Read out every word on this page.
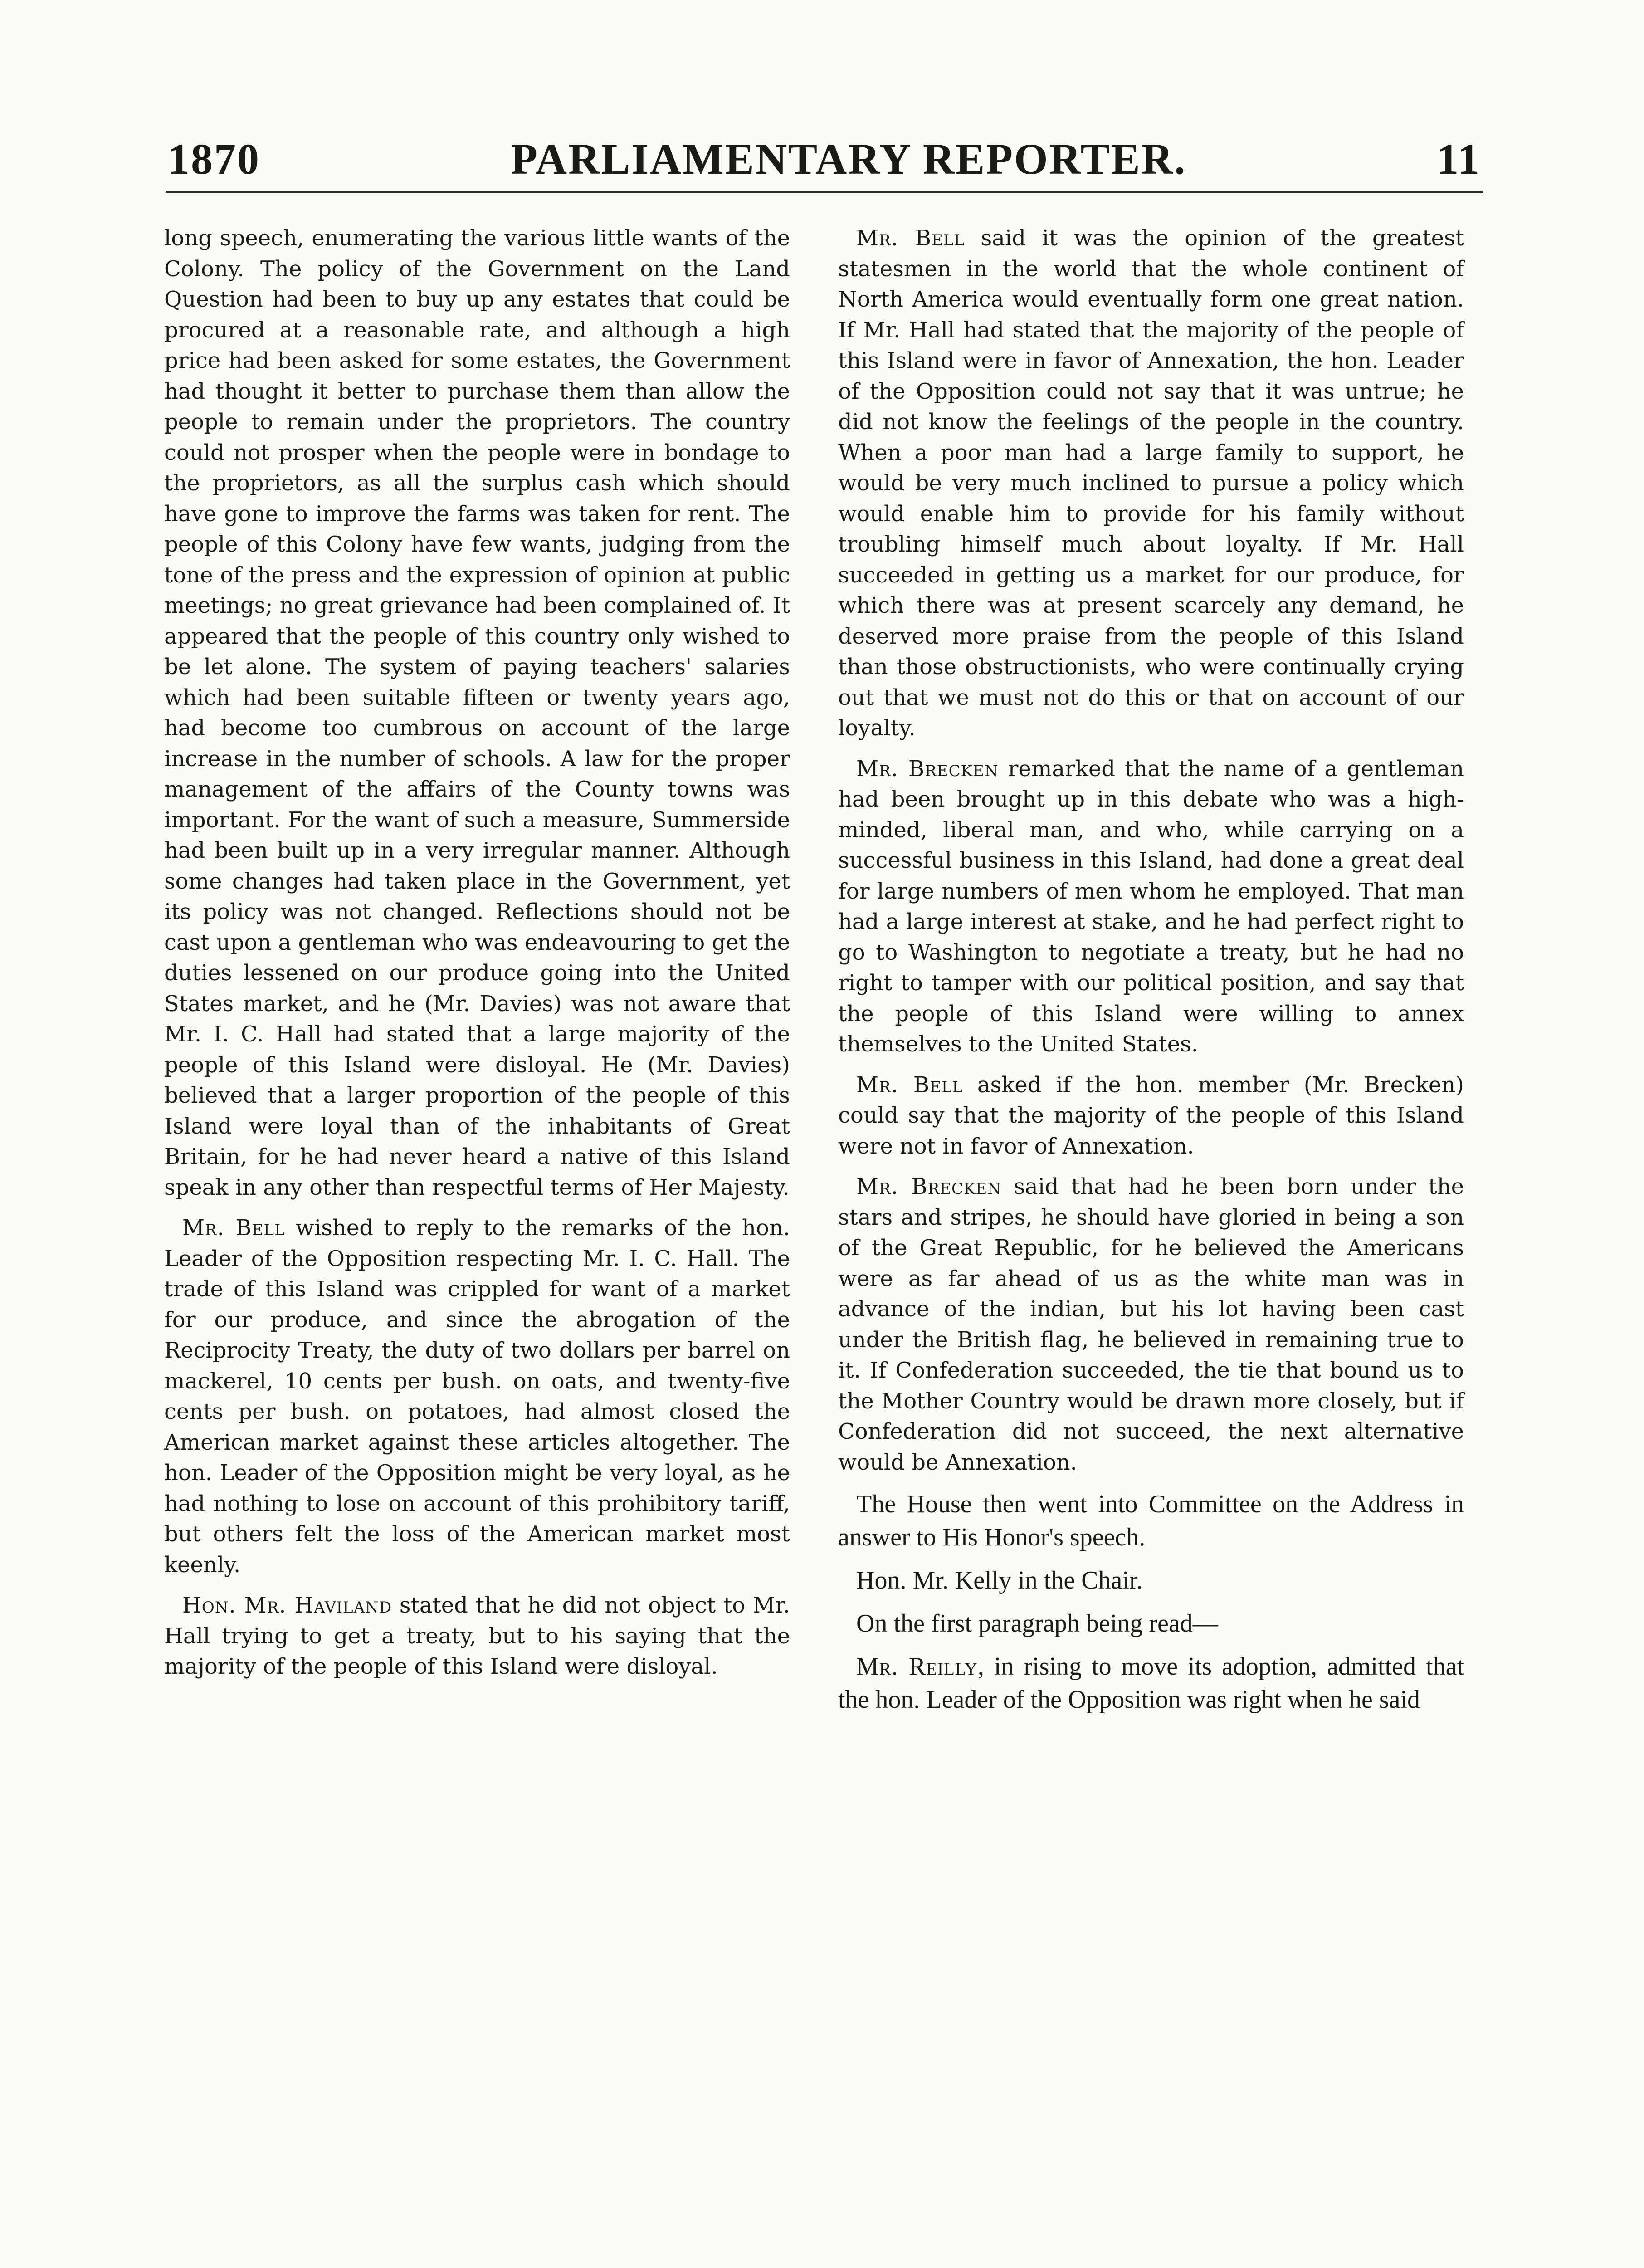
1870	PARLIAMENTARY REPORTER.	11

long speech, enumerating the various little wants of the Colony. The policy of the Government on the Land Question had been to buy up any estates that could be procured at a reasonable rate, and although a high price had been asked for some estates, the Government had thought it better to purchase them than allow the people to remain under the proprietors. The country could not prosper when the people were in bondage to the proprietors, as all the surplus cash which should have gone to improve the farms was taken for rent. The people of this Colony have few wants, judging from the tone of the press and the expression of opinion at public meetings; no great grievance had been complained of. It appeared that the people of this country only wished to be let alone. The system of paying teachers' salaries which had been suitable fifteen or twenty years ago, had become too cumbrous on account of the large increase in the number of schools. A law for the proper management of the affairs of the County towns was important. For the want of such a measure, Summerside had been built up in a very irregular manner. Although some changes had taken place in the Government, yet its policy was not changed. Reflections should not be cast upon a gentleman who was endeavouring to get the duties lessened on our produce going into the United States market, and he (Mr. Davies) was not aware that Mr. I. C. Hall had stated that a large majority of the people of this Island were disloyal. He (Mr. Davies) believed that a larger proportion of the people of this Island were loyal than of the inhabitants of Great Britain, for he had never heard a native of this Island speak in any other than respectful terms of Her Majesty.

Mr. Bell wished to reply to the remarks of the hon. Leader of the Opposition respecting Mr. I. C. Hall. The trade of this Island was crippled for want of a market for our produce, and since the abrogation of the Reciprocity Treaty, the duty of two dollars per barrel on mackerel, 10 cents per bush. on oats, and twenty-five cents per bush. on potatoes, had almost closed the American market against these articles altogether. The hon. Leader of the Opposition might be very loyal, as he had nothing to lose on account of this prohibitory tariff, but others felt the loss of the American market most keenly.

Hon. Mr. Haviland stated that he did not object to Mr. Hall trying to get a treaty, but to his saying that the majority of the people of this Island were disloyal.

Mr. Bell said it was the opinion of the greatest statesmen in the world that the whole continent of North America would eventually form one great nation. If Mr. Hall had stated that the majority of the people of this Island were in favor of Annexation, the hon. Leader of the Opposition could not say that it was untrue; he did not know the feelings of the people in the country. When a poor man had a large family to support, he would be very much inclined to pursue a policy which would enable him to provide for his family without troubling himself much about loyalty. If Mr. Hall succeeded in getting us a market for our produce, for which there was at present scarcely any demand, he deserved more praise from the people of this Island than those obstructionists, who were continually crying out that we must not do this or that on account of our loyalty.

Mr. Brecken remarked that the name of a gentleman had been brought up in this debate who was a high-minded, liberal man, and who, while carrying on a successful business in this Island, had done a great deal for large numbers of men whom he employed. That man had a large interest at stake, and he had perfect right to go to Washington to negotiate a treaty, but he had no right to tamper with our political position, and say that the people of this Island were willing to annex themselves to the United States.

Mr. Bell asked if the hon. member (Mr. Brecken) could say that the majority of the people of this Island were not in favor of Annexation.

Mr. Brecken said that had he been born under the stars and stripes, he should have gloried in being a son of the Great Republic, for he believed the Americans were as far ahead of us as the white man was in advance of the indian, but his lot having been cast under the British flag, he believed in remaining true to it. If Confederation succeeded, the tie that bound us to the Mother Country would be drawn more closely, but if Confederation did not succeed, the next alternative would be Annexation.

The House then went into Committee on the Address in answer to His Honor's speech.

Hon. Mr. Kelly in the Chair.

On the first paragraph being read—

Mr. Reilly, in rising to move its adoption, admitted that the hon. Leader of the Opposition was right when he said
